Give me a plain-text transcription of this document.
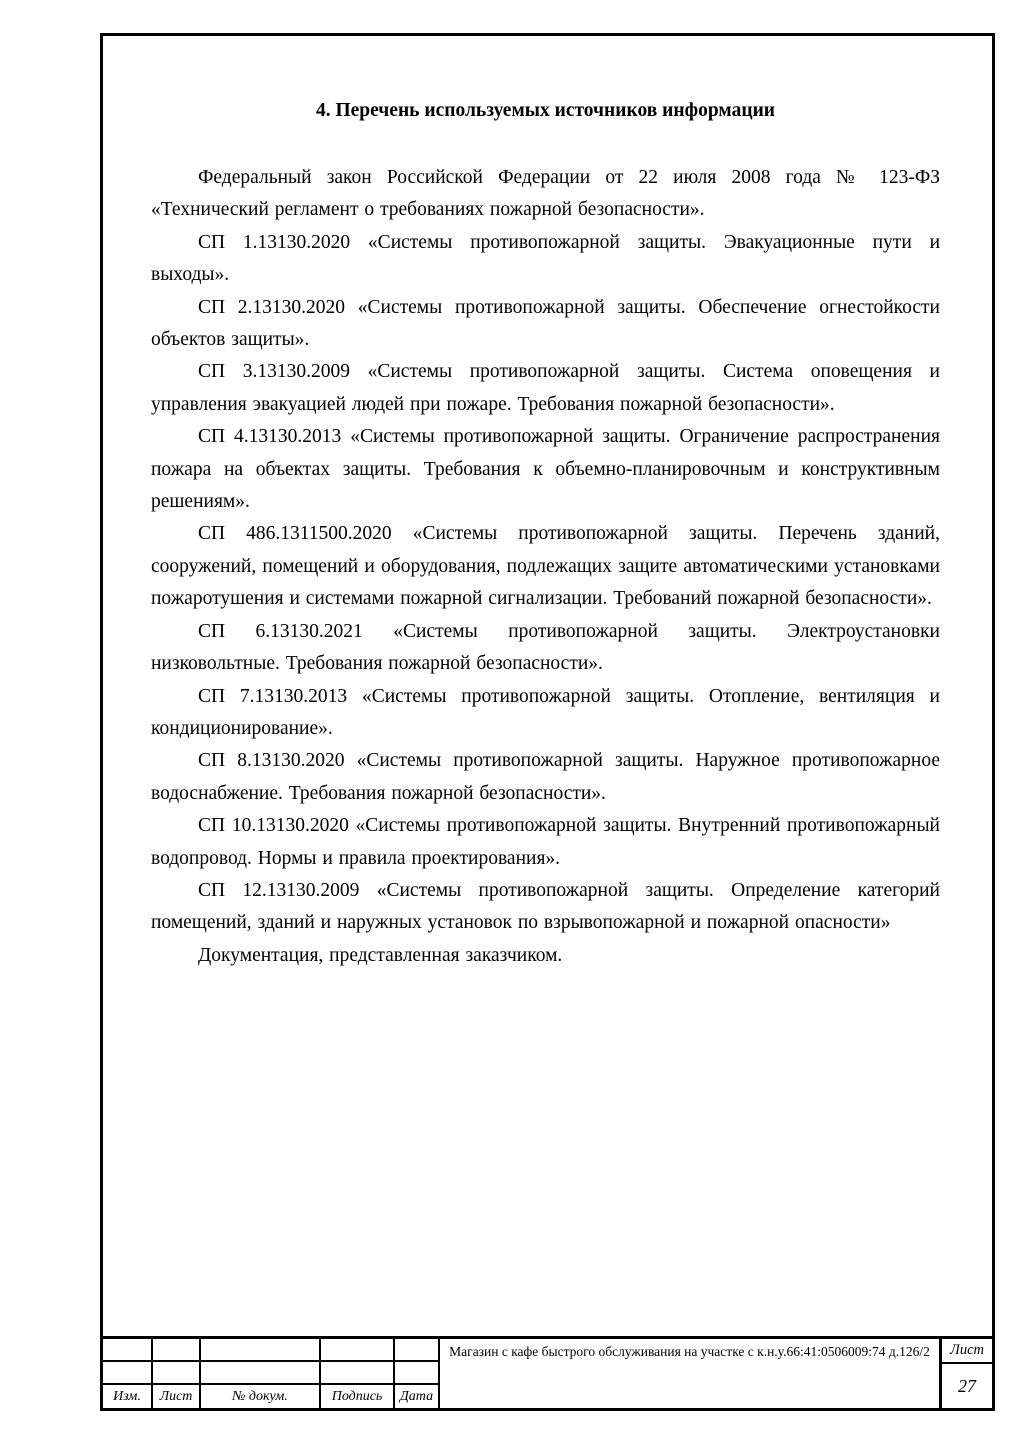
4. Перечень используемых источников информации

Федеральный закон Российской Федерации от 22 июля 2008 года № 123-ФЗ «Технический регламент о требованиях пожарной безопасности».

СП 1.13130.2020 «Системы противопожарной защиты. Эвакуационные пути и выходы».

СП 2.13130.2020 «Системы противопожарной защиты. Обеспечение огнестойкости объектов защиты».

СП 3.13130.2009 «Системы противопожарной защиты. Система оповещения и управления эвакуацией людей при пожаре. Требования пожарной безопасности».

СП 4.13130.2013 «Системы противопожарной защиты. Ограничение распространения пожара на объектах защиты. Требования к объемно-планировочным и конструктивным решениям».

СП 486.1311500.2020 «Системы противопожарной защиты. Перечень зданий, сооружений, помещений и оборудования, подлежащих защите автоматическими установками пожаротушения и системами пожарной сигнализации. Требований пожарной безопасности».

СП 6.13130.2021 «Системы противопожарной защиты. Электроустановки низковольтные. Требования пожарной безопасности».

СП 7.13130.2013 «Системы противопожарной защиты. Отопление, вентиляция и кондиционирование».

СП 8.13130.2020 «Системы противопожарной защиты. Наружное противопожарное водоснабжение. Требования пожарной безопасности».

СП 10.13130.2020 «Системы противопожарной защиты. Внутренний противопожарный водопровод. Нормы и правила проектирования».

СП 12.13130.2009 «Системы противопожарной защиты. Определение категорий помещений, зданий и наружных установок по взрывопожарной и пожарной опасности»

Документация, представленная заказчиком.

Изм.	Лист	№ докум.	Подпись	Дата
Магазин с кафе быстрого обслуживания на участке с к.н.у.66:41:0506009:74 д.126/2	Лист
27
